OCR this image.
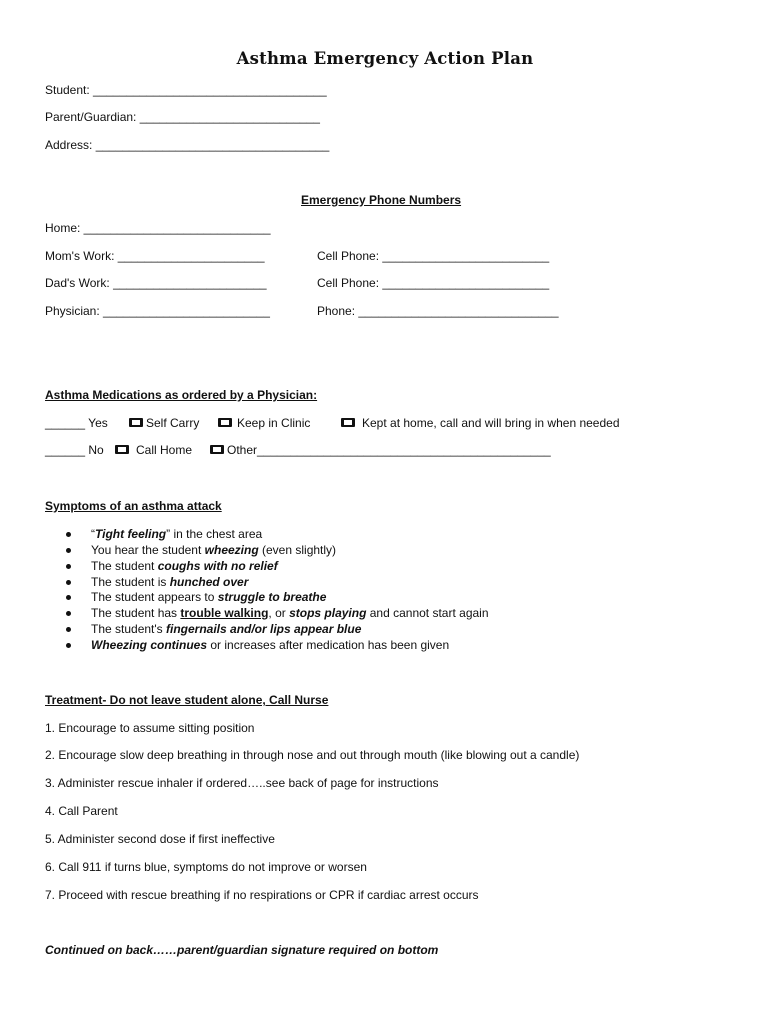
Asthma Emergency Action Plan
Student: ___________________________________
Parent/Guardian: ___________________________
Address: ___________________________________
Emergency Phone Numbers
Home: ____________________________
Mom's Work: ______________________	Cell Phone: _________________________
Dad's Work: _______________________	Cell Phone: _________________________
Physician: _________________________	Phone: ______________________________
Asthma Medications as ordered by a Physician:
______ Yes	Self Carry	Keep in Clinic	Kept at home, call and will bring in when needed
______ No	Call Home	Other____________________________________________
Symptoms of an asthma attack
“Tight feeling” in the chest area
You hear the student wheezing (even slightly)
The student coughs with no relief
The student is hunched over
The student appears to struggle to breathe
The student has trouble walking, or stops playing and cannot start again
The student's fingernails and/or lips appear blue
Wheezing continues or increases after medication has been given
Treatment- Do not leave student alone, Call Nurse
1. Encourage to assume sitting position
2. Encourage slow deep breathing in through nose and out through mouth (like blowing out a candle)
3. Administer rescue inhaler if ordered…..see back of page for instructions
4. Call Parent
5. Administer second dose if first ineffective
6. Call 911 if turns blue, symptoms do not improve or worsen
7. Proceed with rescue breathing if no respirations or CPR if cardiac arrest occurs
Continued on back……parent/guardian signature required on bottom
